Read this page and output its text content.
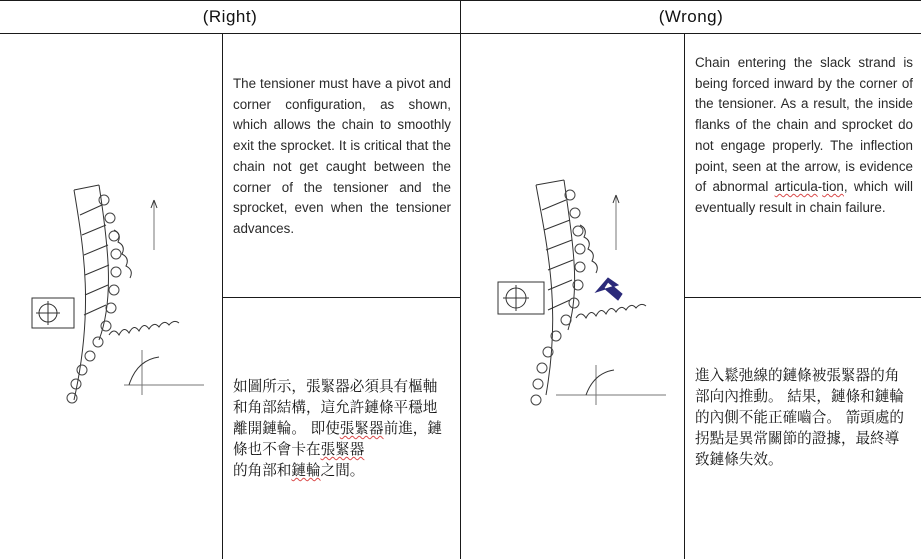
(Right)	(Wrong)
The tensioner must have a pivot and corner configuration, as shown, which allows the chain to smoothly exit the sprocket. It is critical that the chain not get caught between the corner of the tensioner and the sprocket, even when the tensioner advances.
如圖所示，張緊器必須具有樞軸和角部結構，這允許鏈條平穩地離開鏈輪。 即使張緊器前進，鏈條也不會卡在張緊器
的角部和鏈輪之間。
Chain entering the slack strand is being forced inward by the corner of the tensioner. As a result, the inside flanks of the chain and sprocket do not engage properly. The inflection point, seen at the arrow, is evidence of abnormal articula-tion, which will eventually result in chain failure.
進入鬆弛線的鏈條被張緊器的角部向內推動。 結果，鏈條和鏈輪的內側不能正確嚙合。 箭頭處的拐點是異常關節的證據，最終導致鏈條失效。
